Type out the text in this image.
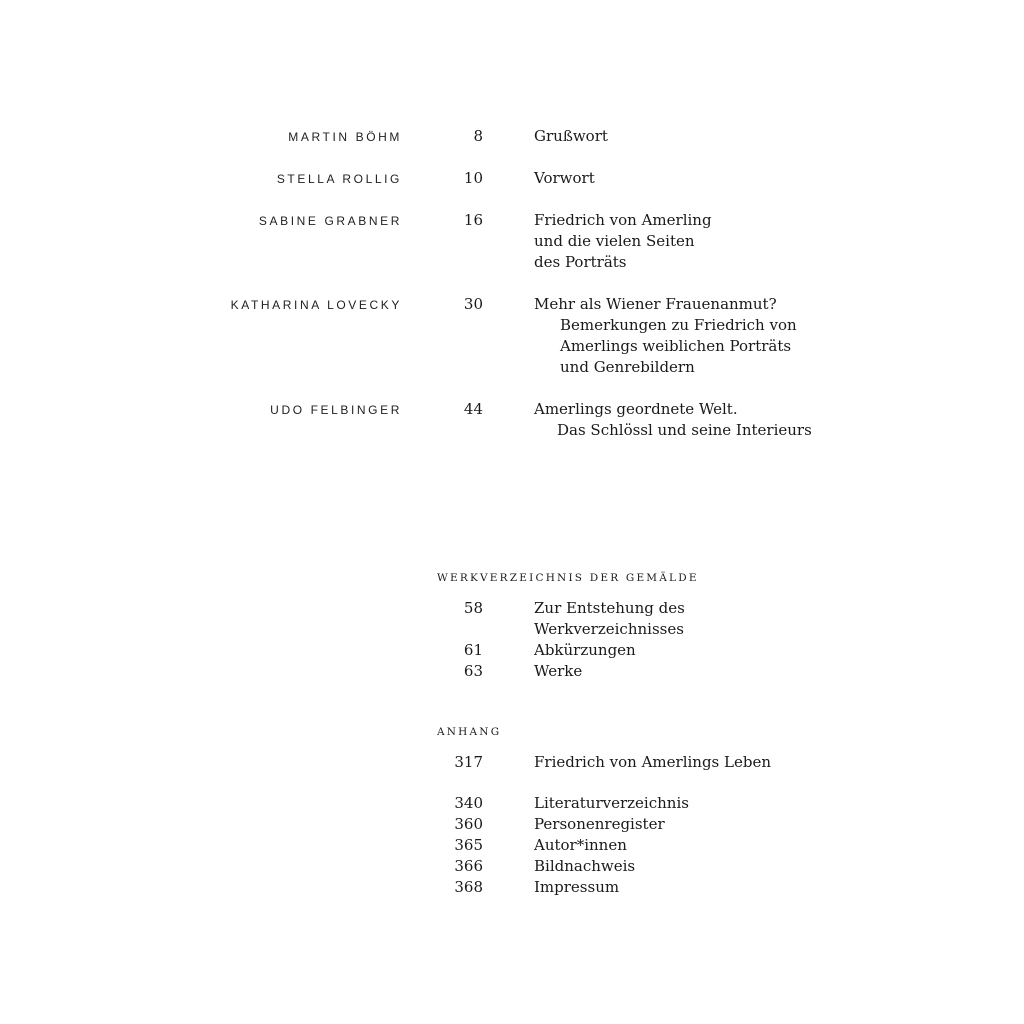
MARTIN BÖHM	8	Grußwort
STELLA ROLLIG	10	Vorwort
SABINE GRABNER	16	Friedrich von Amerling
und die vielen Seiten
des Porträts
KATHARINA LOVECKY	30	Mehr als Wiener Frauenanmut?
Bemerkungen zu Friedrich von
Amerlings weiblichen Porträts
und Genrebildern
UDO FELBINGER	44	Amerlings geordnete Welt.
Das Schlössl und seine Interieurs
WERKVERZEICHNIS DER GEMÄLDE
58	Zur Entstehung des
Werkverzeichnisses
61	Abkürzungen
63	Werke
ANHANG
317	Friedrich von Amerlings Leben
340	Literaturverzeichnis
360	Personenregister
365	Autor*innen
366	Bildnachweis
368	Impressum
